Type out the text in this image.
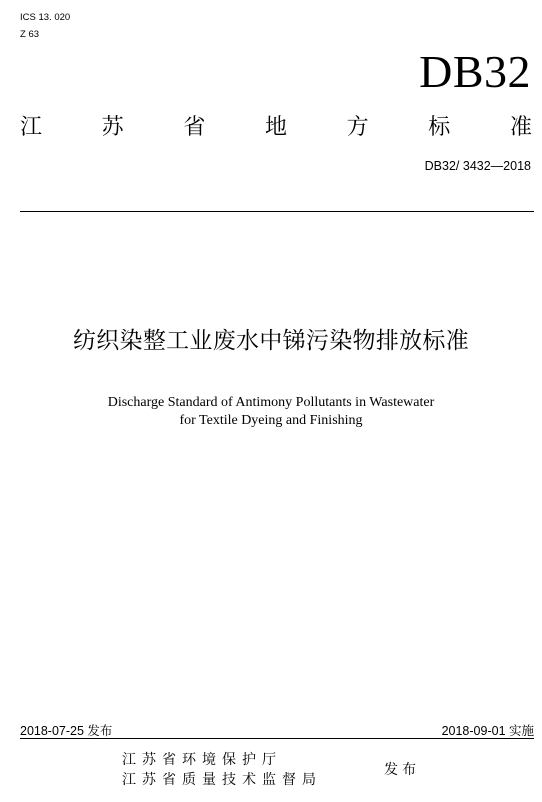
ICS 13. 020
Z 63
DB32
江	苏	省	地	方	标	准
DB32/ 3432—2018
纺织染整工业废水中锑污染物排放标准
Discharge Standard of Antimony Pollutants in Wastewater
for Textile Dyeing and Finishing
2018-07-25 发布	2018-09-01 实施
江苏省环境保护厅
江苏省质量技术监督局
发布
